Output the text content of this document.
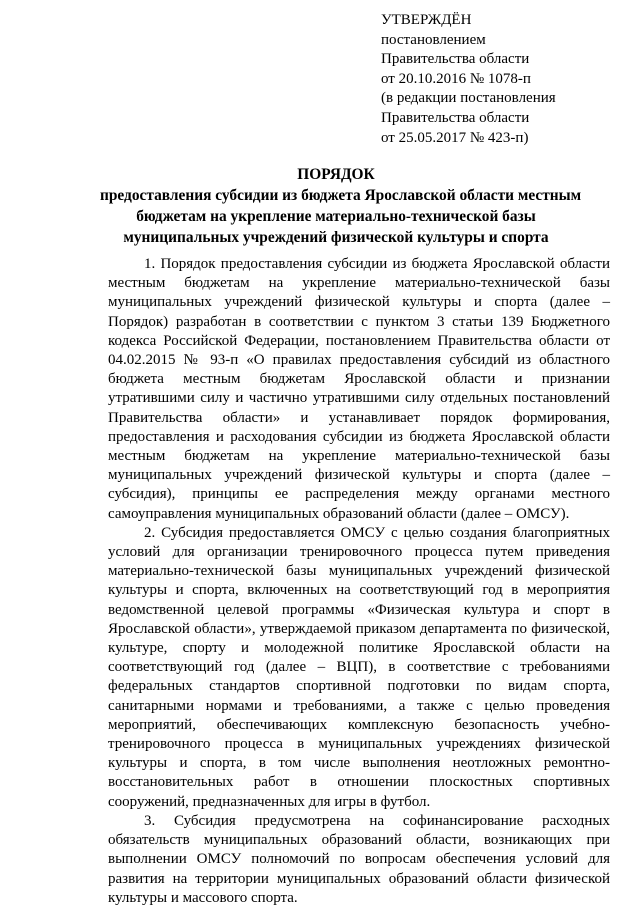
УТВЕРЖДЁН
постановлением
Правительства области
от 20.10.2016 № 1078-п
(в редакции постановления
Правительства области
от 25.05.2017 № 423-п)
ПОРЯДОК
предоставления субсидии из бюджета Ярославской области местным
бюджетам на укрепление материально-технической базы
муниципальных учреждений физической культуры и спорта
1. Порядок предоставления субсидии из бюджета Ярославской области
местным бюджетам на укрепление материально-технической базы
муниципальных учреждений физической культуры и спорта (далее –
Порядок) разработан в соответствии с пунктом 3 статьи 139 Бюджетного
кодекса Российской Федерации, постановлением Правительства области от
04.02.2015 № 93-п «О правилах предоставления субсидий из областного
бюджета местным бюджетам Ярославской области и признании
утратившими силу и частично утратившими силу отдельных постановлений
Правительства области» и устанавливает порядок формирования,
предоставления и расходования субсидии из бюджета Ярославской области
местным бюджетам на укрепление материально-технической базы
муниципальных учреждений физической культуры и спорта (далее –
субсидия), принципы ее распределения между органами местного
самоуправления муниципальных образований области (далее – ОМСУ).
2. Субсидия предоставляется ОМСУ с целью создания благоприятных
условий для организации тренировочного процесса путем приведения
материально-технической базы муниципальных учреждений физической
культуры и спорта, включенных на соответствующий год в мероприятия
ведомственной целевой программы «Физическая культура и спорт в
Ярославской области», утверждаемой приказом департамента по физической,
культуре, спорту и молодежной политике Ярославской области на
соответствующий год (далее – ВЦП), в соответствие с требованиями
федеральных стандартов спортивной подготовки по видам спорта,
санитарными нормами и требованиями, а также с целью проведения
мероприятий, обеспечивающих комплексную безопасность учебно-
тренировочного процесса в муниципальных учреждениях физической
культуры и спорта, в том числе выполнения неотложных ремонтно-
восстановительных работ в отношении плоскостных спортивных
сооружений, предназначенных для игры в футбол.
3. Субсидия предусмотрена на софинансирование расходных
обязательств муниципальных образований области, возникающих при
выполнении ОМСУ полномочий по вопросам обеспечения условий для
развития на территории муниципальных образований области физической
культуры и массового спорта.
